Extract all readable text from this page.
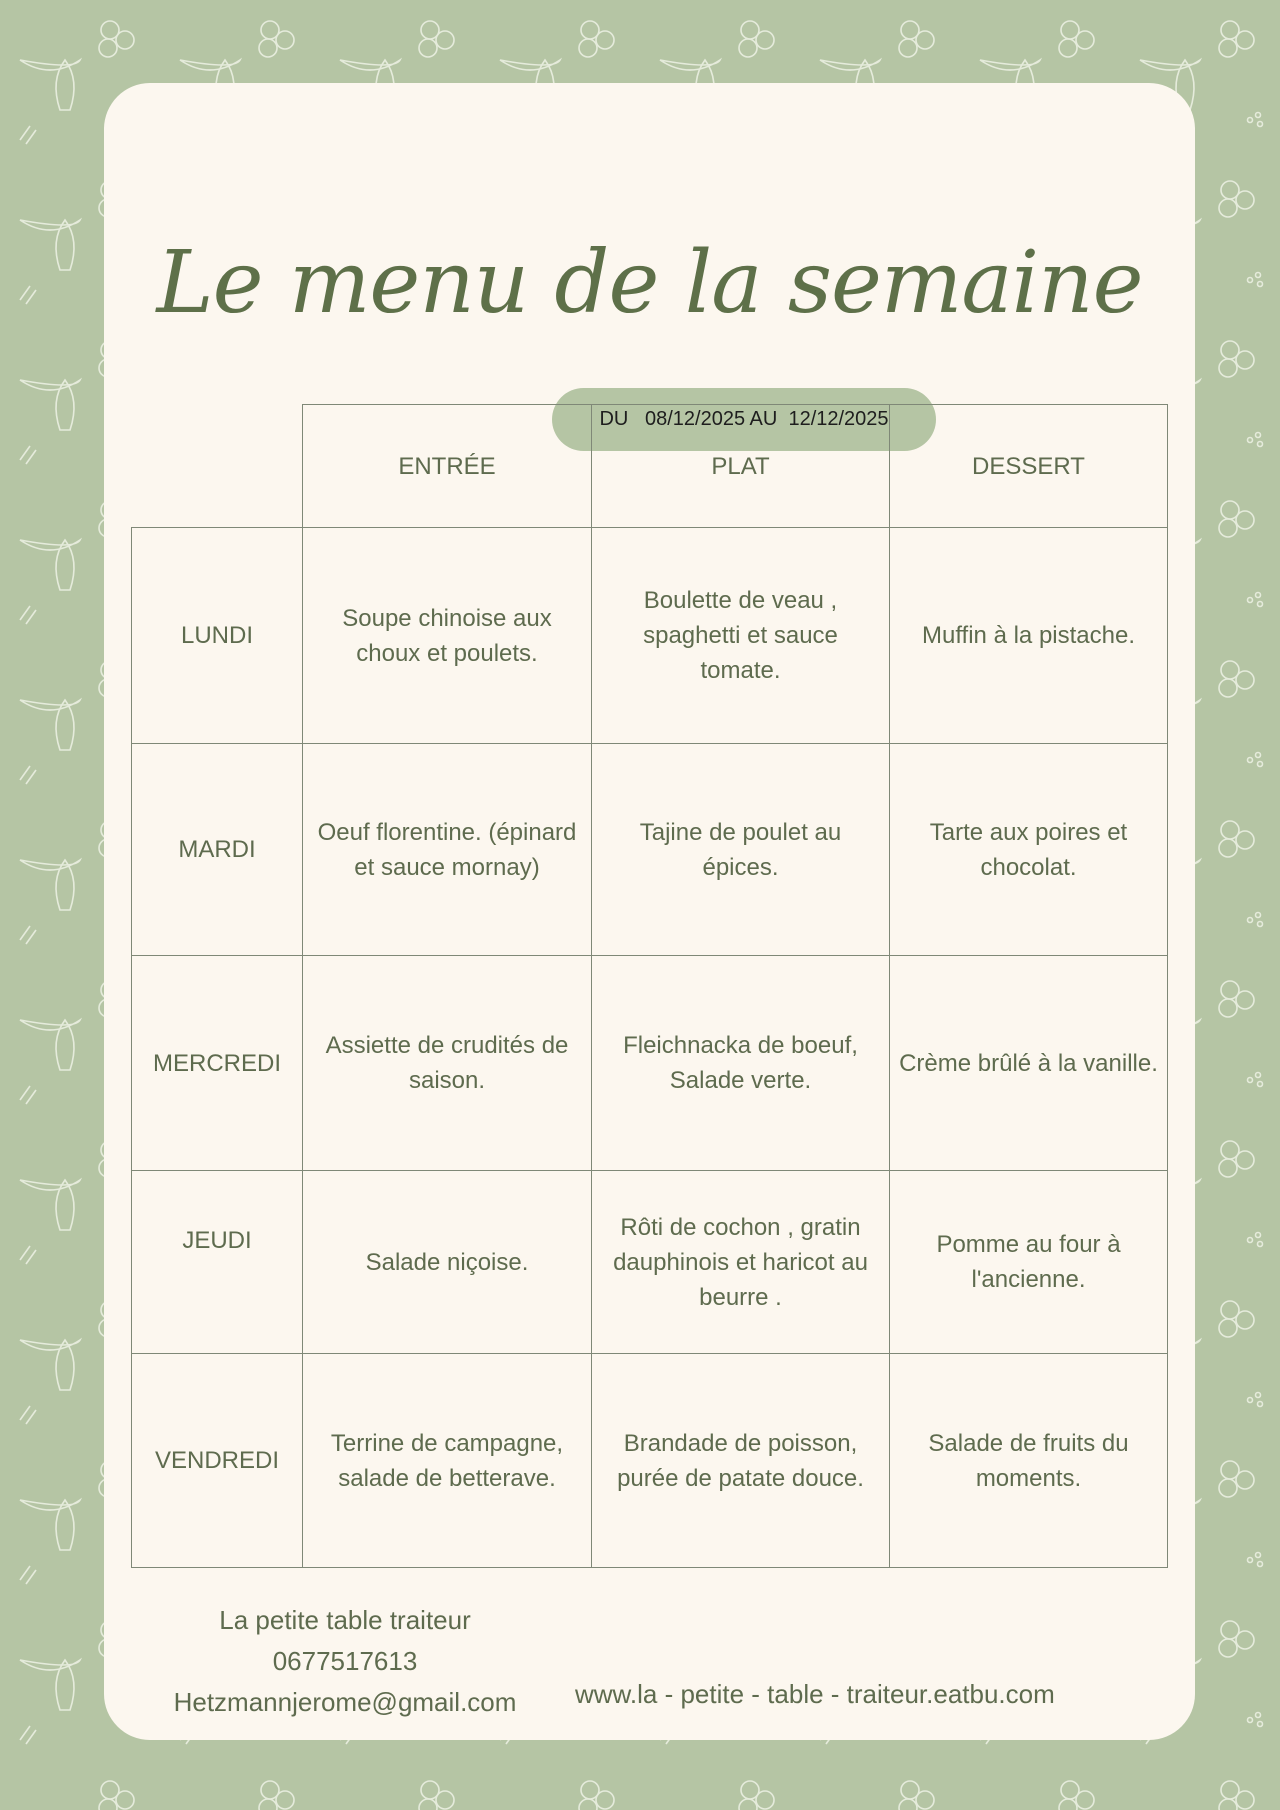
Le menu de la semaine
DU   08/12/2025 AU  12/12/2025
	ENTRÉE	PLAT	DESSERT
LUNDI	Soupe chinoise aux choux et poulets.	Boulette de veau , spaghetti et sauce tomate.	Muffin à la pistache.
MARDI	Oeuf florentine. (épinard et sauce mornay)	Tajine de poulet au épices.	Tarte aux poires et chocolat.
MERCREDI	Assiette de crudités de saison.	Fleichnacka de boeuf, Salade verte.	Crème brûlé à la vanille.
JEUDI	Salade niçoise.	Rôti de cochon , gratin dauphinois et haricot au beurre .	Pomme au four à l'ancienne.
VENDREDI	Terrine de campagne, salade de betterave.	Brandade de poisson, purée de patate douce.	Salade de fruits du moments.
La petite table traiteur
0677517613
Hetzmannjerome@gmail.com	www.la - petite - table - traiteur.eatbu.com
